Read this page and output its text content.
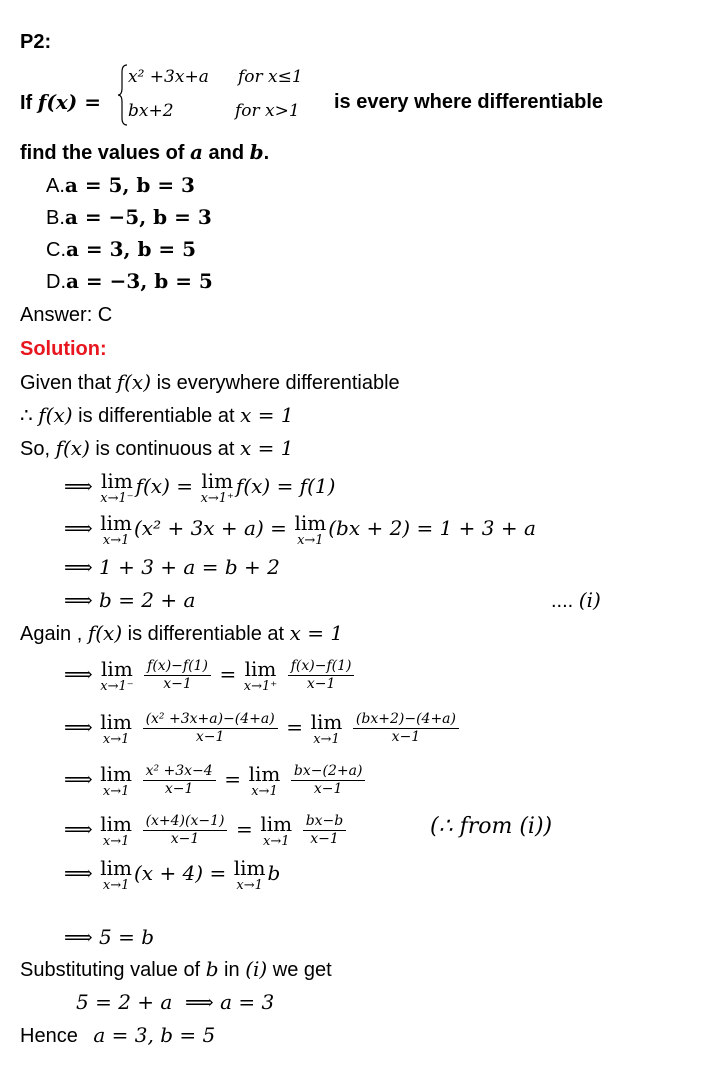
P2:
If f(x) =
x² +3x+a for x≤1
bx+2	for x>1 is every where differentiable
find the values of a and b.
A.a = 5, b = 3
B.a = −5, b = 3
C.a = 3, b = 5
D.a = −3, b = 5
Answer: C
Solution:
Given that f(x) is everywhere differentiable
∴ f(x) is differentiable at x = 1
So, f(x) is continuous at x = 1
⟹ lim
x→1⁻
f(x) = lim
x→1⁺
f(x) = f(1)
⟹ lim
x→1
(x² + 3x + a) = lim
x→1
(bx + 2) = 1 + 3 + a
⟹ 1 + 3 + a = b + 2
⟹ b = 2 + a	.... (i)
Again , f(x) is differentiable at x = 1
⟹ lim
x→1⁻
$\frac{f(x)-f(1)}{x-1} = \lim$
x→1⁺
$\frac{f(x)-f(1)}{x-1}$
⟹ lim
x→1
$\frac{\text{(x² +3x+a)−(4+a)}}{x-1} = \lim$
x→1
$\frac{(bx+2)-(4+a)}{x-1}$
⟹ lim
x→1
$\frac{\text{x² +3x−4}}{x-1} = \lim$
x→1
$\frac{bx-(2+a)}{x-1}$
⟹ lim
x→1
$\frac{(x+4)(x-1)}{x-1} = \lim$
x→1
$\frac{bx-b}{x-1}$	(∴ from (i))
⟹ lim
x→1
(x + 4) = lim
x→1
b
⟹ 5 = b
Substituting value of b in (i) we get
5 = 2 + a  ⟹ a = 3
Hence a = 3, b = 5
